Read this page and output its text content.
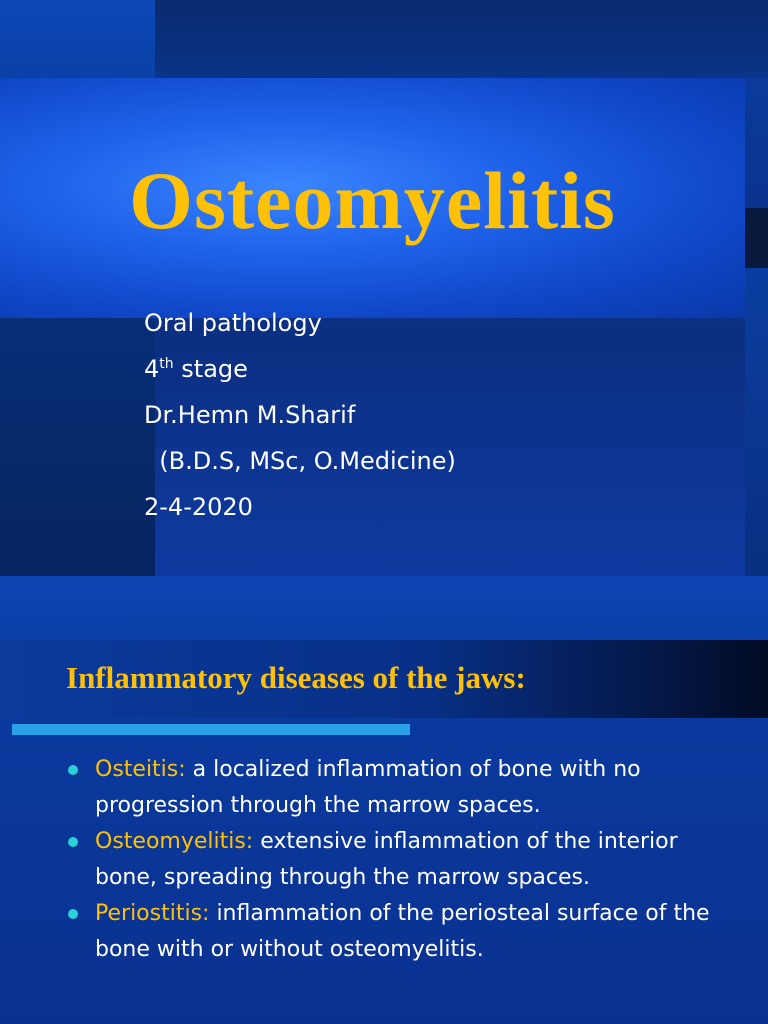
Osteomyelitis
Oral pathology
4th stage
Dr.Hemn M.Sharif
(B.D.S, MSc, O.Medicine)
2-4-2020
Inflammatory diseases of the jaws:
Osteitis: a localized inflammation of bone with no progression through the marrow spaces.
Osteomyelitis: extensive inflammation of the interior bone, spreading through the marrow spaces.
Periostitis: inflammation of the periosteal surface of the bone with or without osteomyelitis.
